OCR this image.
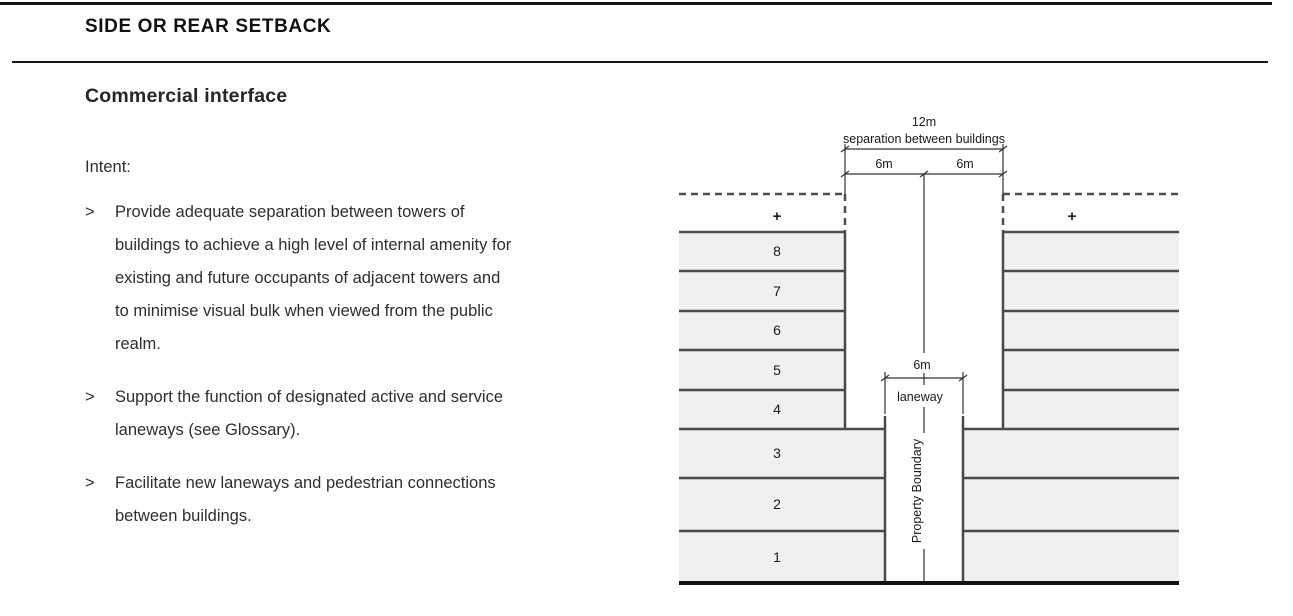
SIDE OR REAR SETBACK
Commercial interface
Intent:
>	Provide adequate separation between towers of
buildings to achieve a high level of internal amenity for
existing and future occupants of adjacent towers and
to minimise visual bulk when viewed from the public
realm.
>	Support the function of designated active and service
laneways (see Glossary).
>	Facilitate new laneways and pedestrian connections
between buildings.
12m
separation between buildings
6m	6m
6m
laneway
Property Boundary
+	+
8
7
6
5
4
3
2
1
